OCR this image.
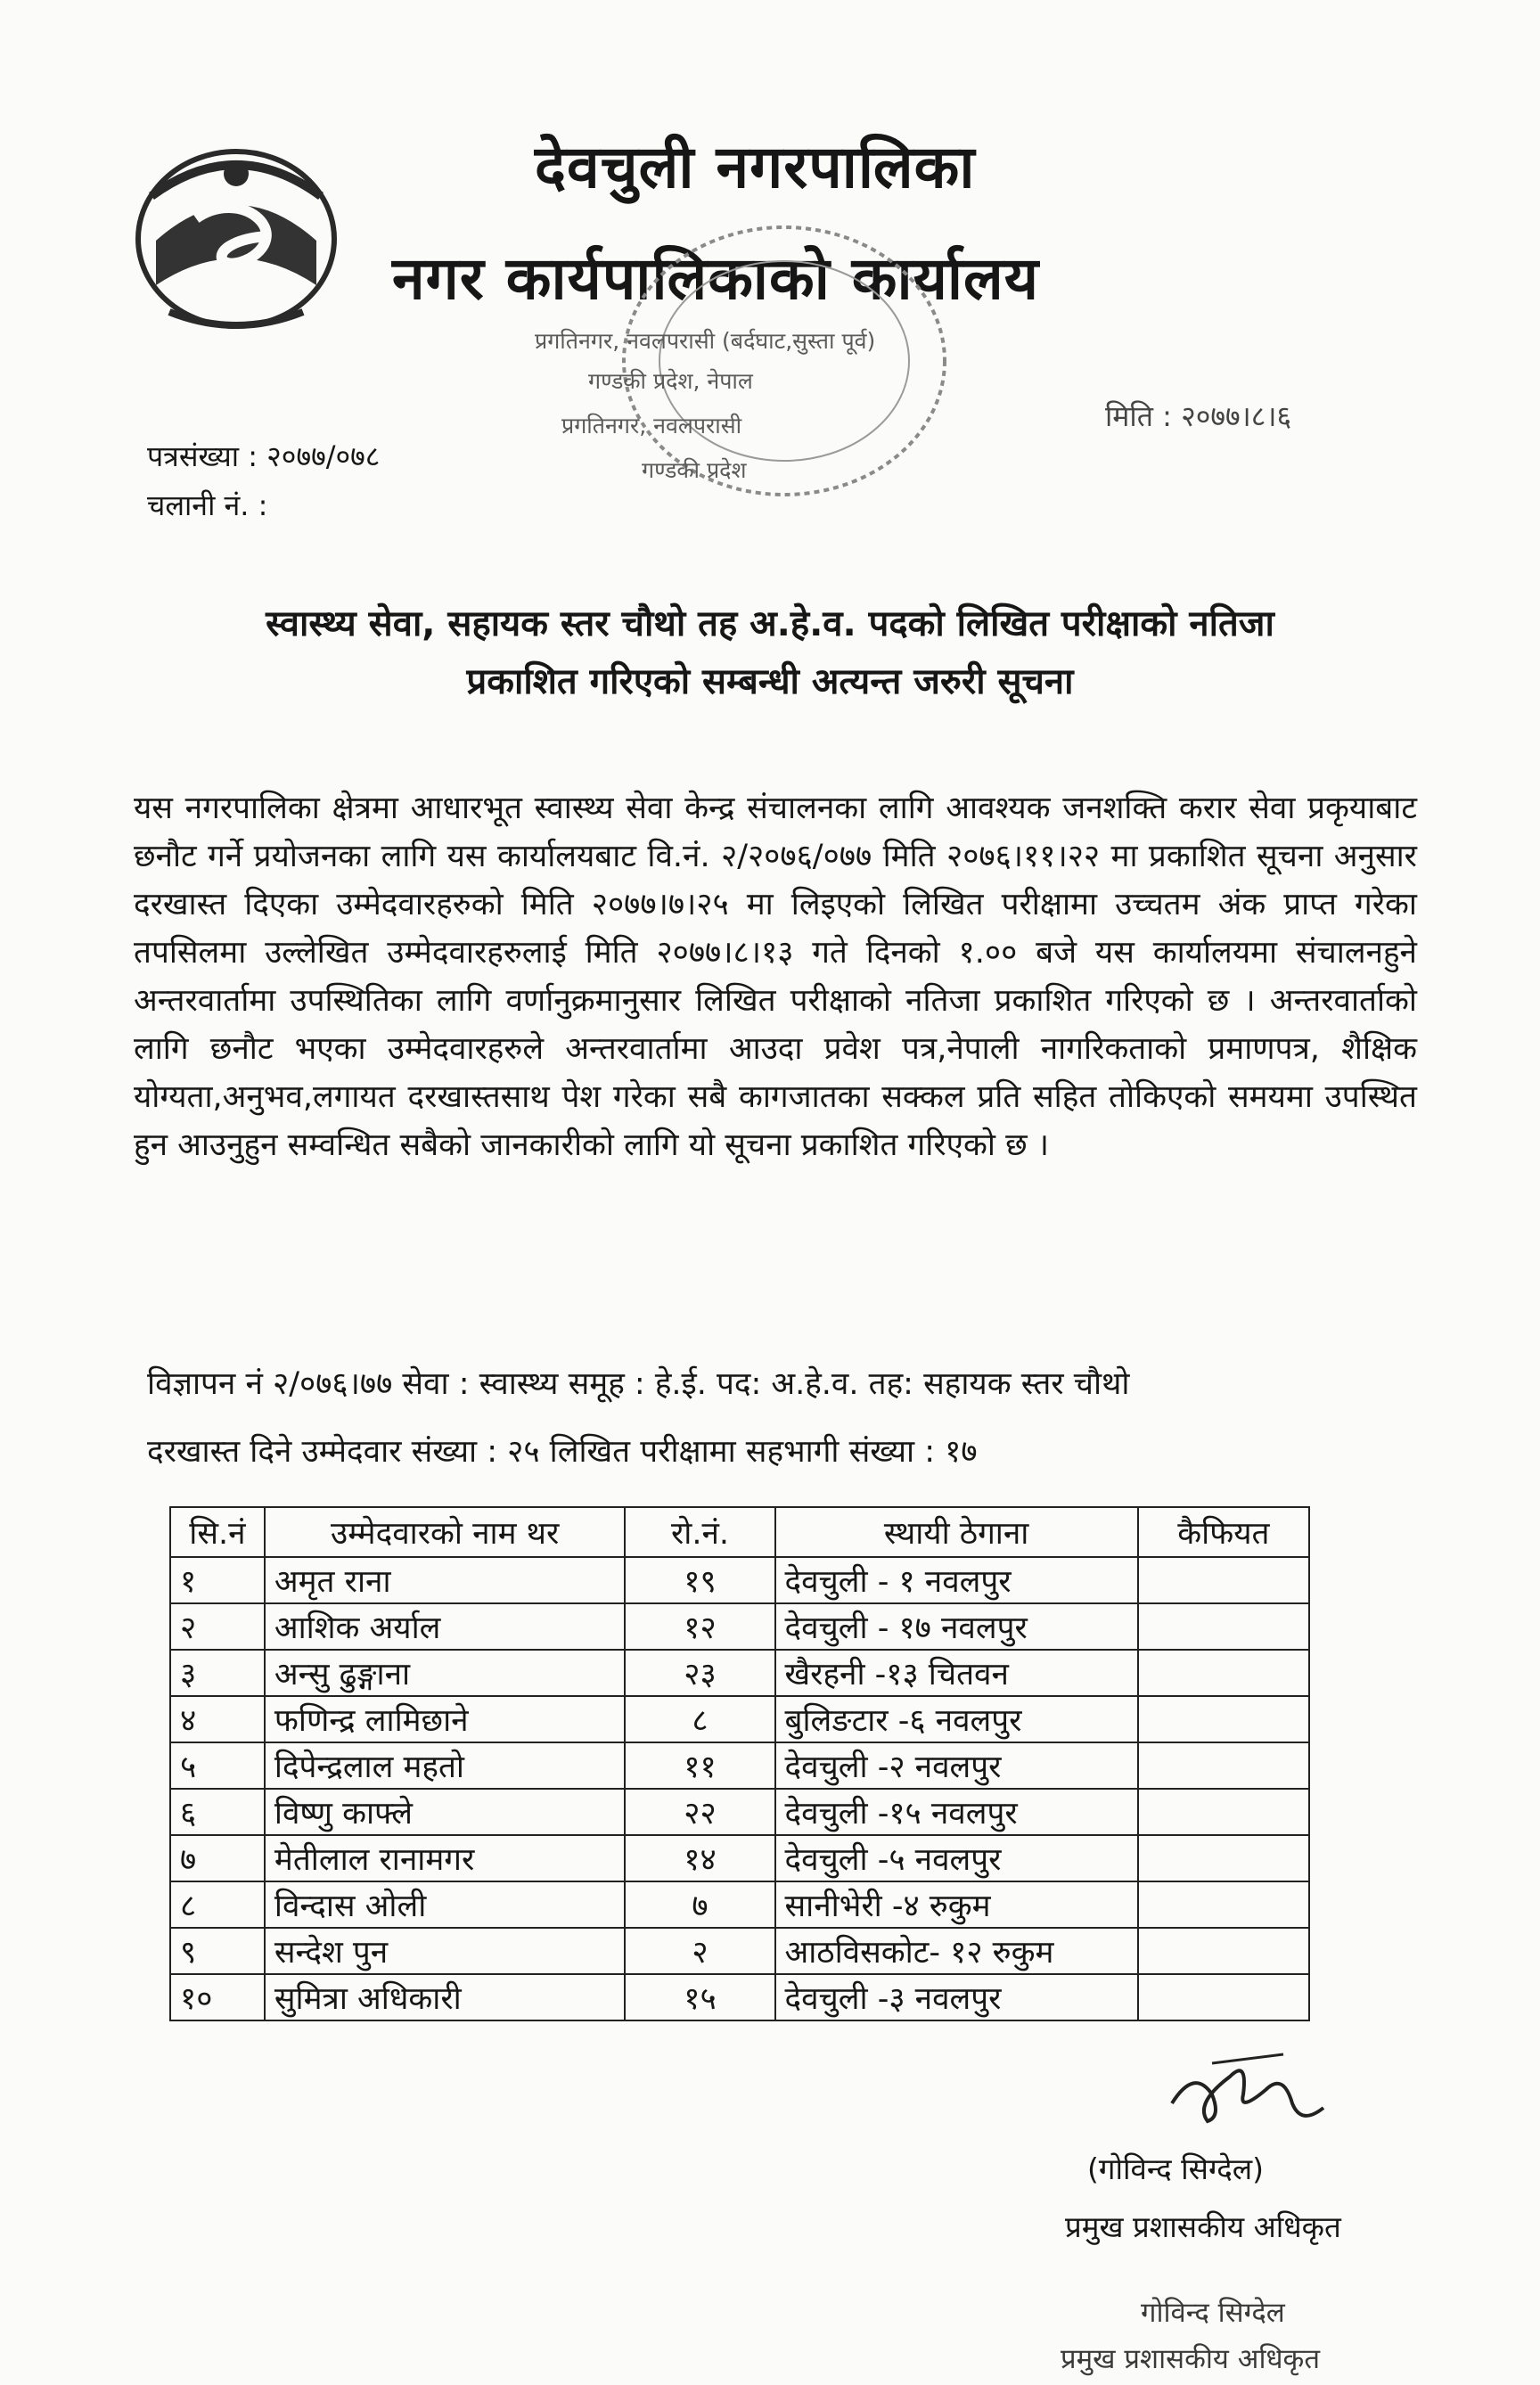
देवचुली नगरपालिका
नगर कार्यपालिकाको कार्यालय
प्रगतिनगर, नवलपरासी (बर्दघाट,सुस्ता पूर्व)
गण्डकी प्रदेश, नेपाल
प्रगतिनगर, नवलपरासी
गण्डकी प्रदेश
पत्रसंख्या : २०७७/०७८
चलानी नं. :
मिति : २०७७।८।६
स्वास्थ्य सेवा, सहायक स्तर चौथो तह अ.हे.व. पदको लिखित परीक्षाको नतिजा
प्रकाशित गरिएको सम्बन्धी अत्यन्त जरुरी सूचना
यस नगरपालिका क्षेत्रमा आधारभूत स्वास्थ्य सेवा केन्द्र संचालनका लागि आवश्यक जनशक्ति करार सेवा प्रकृयाबाट छनौट गर्ने प्रयोजनका लागि यस कार्यालयबाट वि.नं. २/२०७६/०७७ मिति २०७६।११।२२ मा प्रकाशित सूचना अनुसार दरखास्त दिएका उम्मेदवारहरुको मिति २०७७।७।२५ मा लिइएको लिखित परीक्षामा उच्चतम अंक प्राप्त गरेका तपसिलमा उल्लेखित उम्मेदवारहरुलाई मिति २०७७।८।१३ गते दिनको १.०० बजे यस कार्यालयमा संचालनहुने अन्तरवार्तामा उपस्थितिका लागि वर्णानुक्रमानुसार लिखित परीक्षाको नतिजा प्रकाशित गरिएको छ । अन्तरवार्ताको लागि छनौट भएका उम्मेदवारहरुले अन्तरवार्तामा आउदा प्रवेश पत्र,नेपाली नागरिकताको प्रमाणपत्र, शैक्षिक योग्यता,अनुभव,लगायत दरखास्तसाथ पेश गरेका सबै कागजातका सक्कल प्रति सहित तोकिएको समयमा उपस्थित हुन आउनुहुन सम्वन्धित सबैको जानकारीको लागि यो सूचना प्रकाशित गरिएको छ ।
विज्ञापन नं २/०७६।७७ सेवा : स्वास्थ्य समूह : हे.ई. पद: अ.हे.व. तह: सहायक स्तर चौथो
दरखास्त दिने उम्मेदवार संख्या : २५ लिखित परीक्षामा सहभागी संख्या : १७
सि.नं	उम्मेदवारको नाम थर	रो.नं.	स्थायी ठेगाना	कैफियत
१	अमृत राना	१९	देवचुली - १ नवलपुर	
२	आशिक अर्याल	१२	देवचुली - १७ नवलपुर	
३	अन्सु ढुङ्गाना	२३	खैरहनी -१३ चितवन	
४	फणिन्द्र लामिछाने	८	बुलिङटार -६ नवलपुर	
५	दिपेन्द्रलाल महतो	११	देवचुली -२ नवलपुर	
६	विष्णु काफ्ले	२२	देवचुली -१५ नवलपुर	
७	मेतीलाल रानामगर	१४	देवचुली -५ नवलपुर	
८	विन्दास ओली	७	सानीभेरी -४ रुकुम	
९	सन्देश पुन	२	आठविसकोट- १२ रुकुम	
१०	सुमित्रा अधिकारी	१५	देवचुली -३ नवलपुर	
(गोविन्द सिग्देल)
प्रमुख प्रशासकीय अधिकृत
गोविन्द सिग्देल
प्रमुख प्रशासकीय अधिकृत
